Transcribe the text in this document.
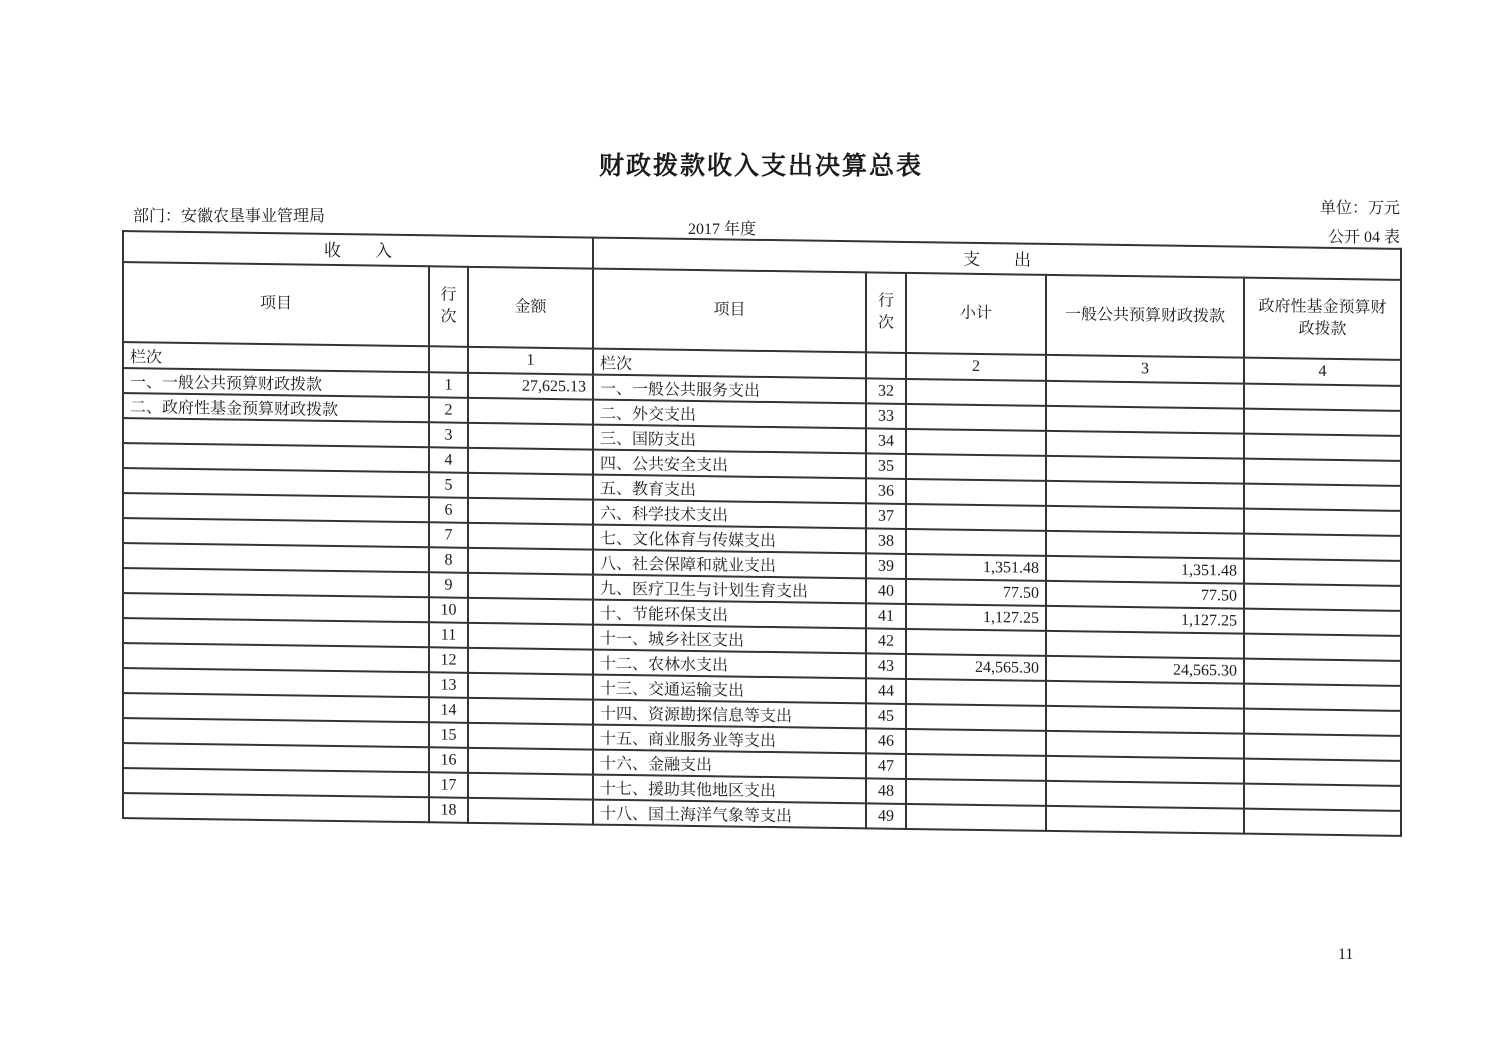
财政拨款收入支出决算总表
部门：安徽农垦事业管理局
2017 年度
单位：万元
公开 04 表
收　　入			支　　出				
项目	行次	金额	项目	行次	小计	一般公共预算财政拨款	政府性基金预算财政拨款
栏次		1	栏次		2	3	4
一、一般公共预算财政拨款	1	27,625.13	一、一般公共服务支出	32			
二、政府性基金预算财政拨款	2		二、外交支出	33			
	3		三、国防支出	34			
	4		四、公共安全支出	35			
	5		五、教育支出	36			
	6		六、科学技术支出	37			
	7		七、文化体育与传媒支出	38			
	8		八、社会保障和就业支出	39	1,351.48	1,351.48	
	9		九、医疗卫生与计划生育支出	40	77.50	77.50	
	10		十、节能环保支出	41	1,127.25	1,127.25	
	11		十一、城乡社区支出	42			
	12		十二、农林水支出	43	24,565.30	24,565.30	
	13		十三、交通运输支出	44			
	14		十四、资源勘探信息等支出	45			
	15		十五、商业服务业等支出	46			
	16		十六、金融支出	47			
	17		十七、援助其他地区支出	48			
	18		十八、国土海洋气象等支出	49			
11
